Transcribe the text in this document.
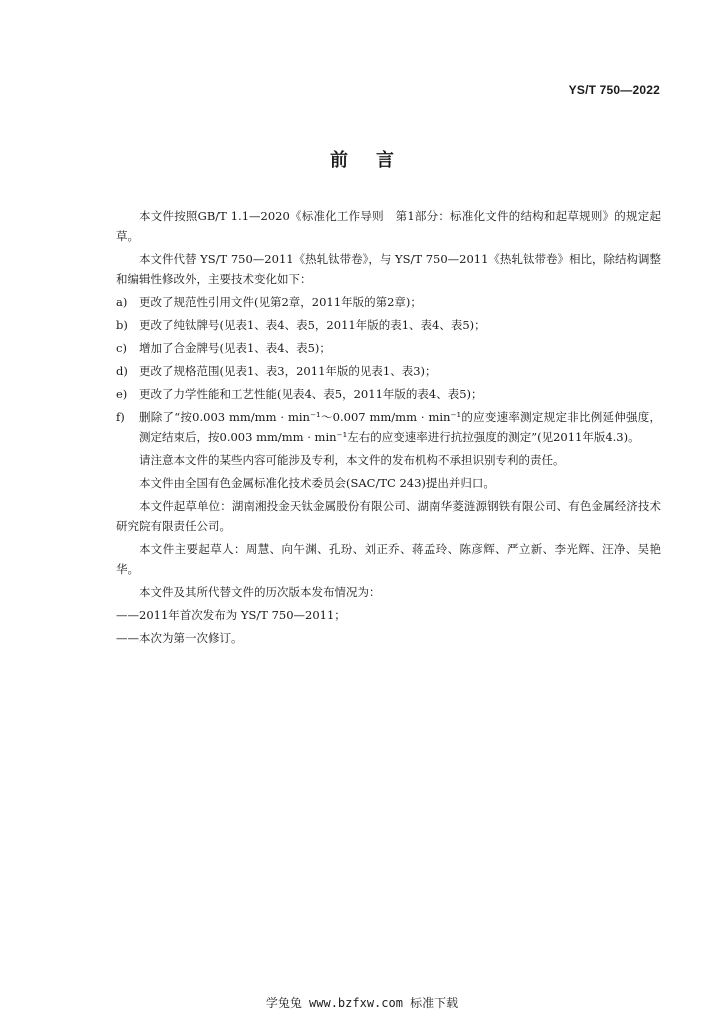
YS/T 750—2022
前言

本文件按照GB/T 1.1—2020《标准化工作导则　第1部分：标准化文件的结构和起草规则》的规定起草。

本文件代替 YS/T 750—2011《热轧钛带卷》，与 YS/T 750—2011《热轧钛带卷》相比，除结构调整和编辑性修改外，主要技术变化如下：

a) 更改了规范性引用文件(见第2章，2011年版的第2章)；
b) 更改了纯钛牌号(见表1、表4、表5，2011年版的表1、表4、表5)；
c) 增加了合金牌号(见表1、表4、表5)；
d) 更改了规格范围(见表1、表3，2011年版的见表1、表3)；
e) 更改了力学性能和工艺性能(见表4、表5，2011年版的表4、表5)；
f) 删除了“按0.003 mm/mm · min⁻¹～0.007 mm/mm · min⁻¹的应变速率测定规定非比例延伸强度，测定结束后，按0.003 mm/mm · min⁻¹左右的应变速率进行抗拉强度的测定”(见2011年版4.3)。

请注意本文件的某些内容可能涉及专利，本文件的发布机构不承担识别专利的责任。

本文件由全国有色金属标准化技术委员会(SAC/TC 243)提出并归口。

本文件起草单位：湖南湘投金天钛金属股份有限公司、湖南华菱涟源钢铁有限公司、有色金属经济技术研究院有限责任公司。

本文件主要起草人：周慧、向午渊、孔玢、刘正乔、蒋孟玲、陈彦辉、严立新、李光辉、汪净、吴艳华。

本文件及其所代替文件的历次版本发布情况为：

——2011年首次发布为 YS/T 750—2011；
——本次为第一次修订。
学兔兔 www.bzfxw.com 标准下载
